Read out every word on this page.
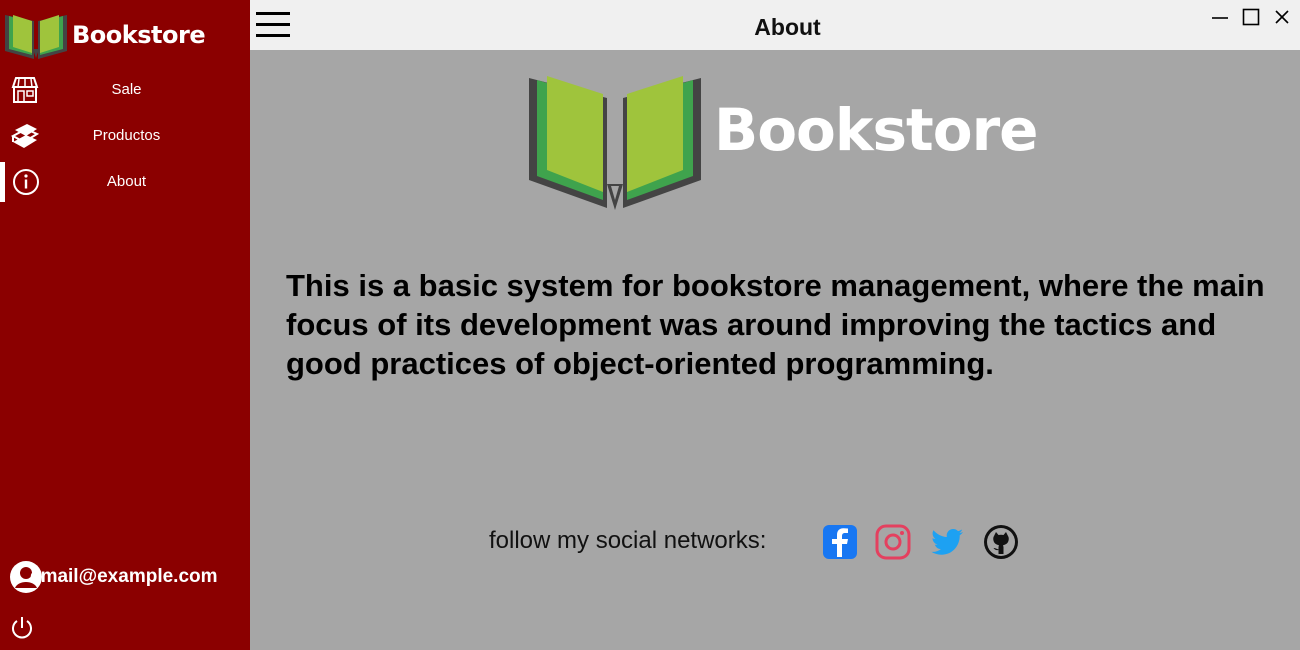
Bookstore
Sale
Productos
About
email@example.com
About
Bookstore

This is a basic system for bookstore management, where the main focus of its development was around improving the tactics and good practices of object-oriented programming.

follow my social networks:
